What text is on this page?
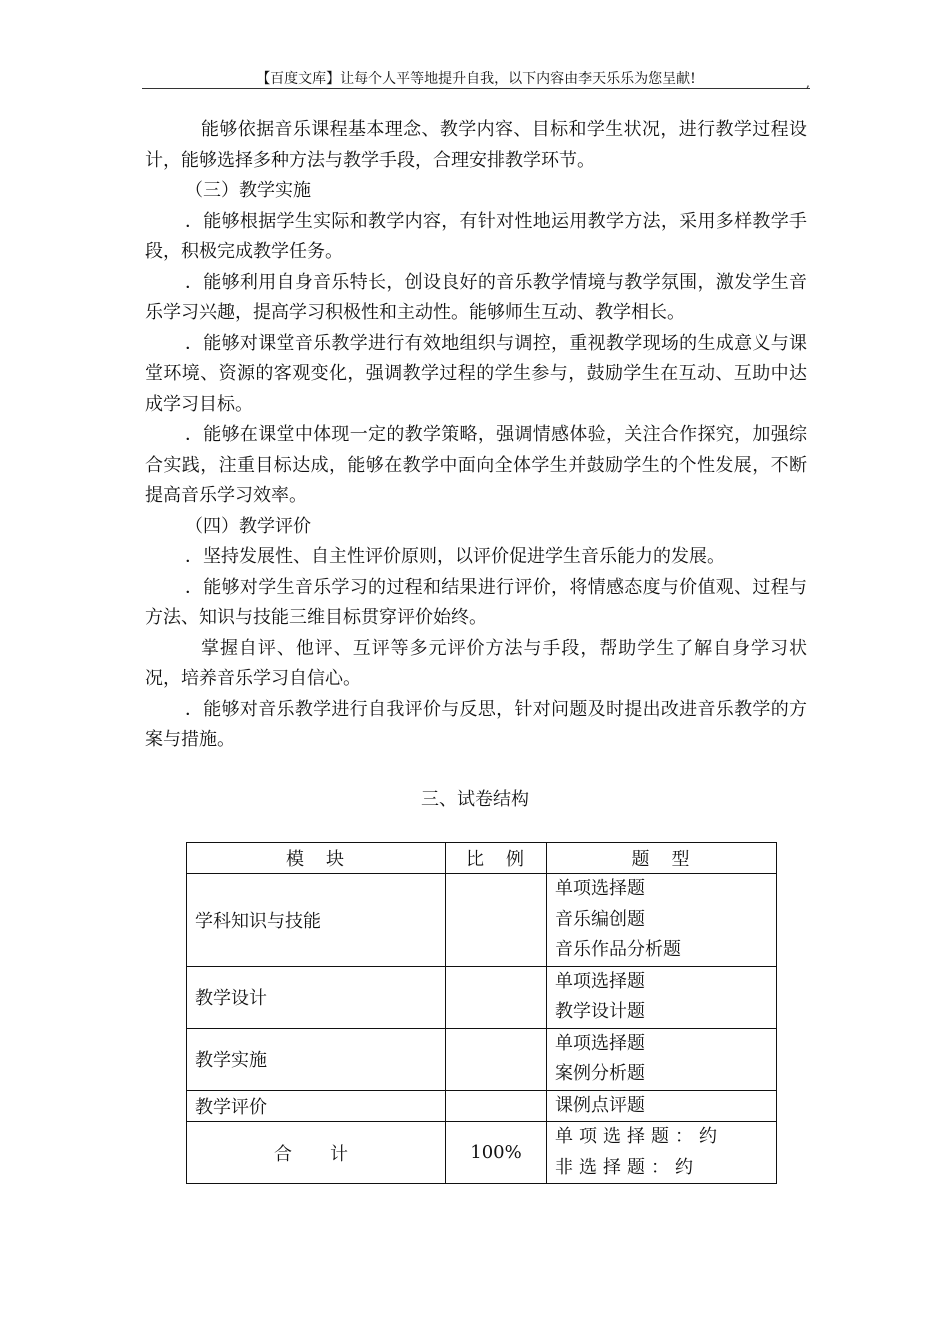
【百度文库】让每个人平等地提升自我，以下内容由李天乐乐为您呈献!	,

能够依据音乐课程基本理念、教学内容、目标和学生状况，进行教学过程设计，能够选择多种方法与教学手段，合理安排教学环节。

（三）教学实施

．能够根据学生实际和教学内容，有针对性地运用教学方法，采用多样教学手段，积极完成教学任务。

．能够利用自身音乐特长，创设良好的音乐教学情境与教学氛围，激发学生音乐学习兴趣，提高学习积极性和主动性。能够师生互动、教学相长。

．能够对课堂音乐教学进行有效地组织与调控，重视教学现场的生成意义与课堂环境、资源的客观变化，强调教学过程的学生参与，鼓励学生在互动、互助中达成学习目标。

．能够在课堂中体现一定的教学策略，强调情感体验，关注合作探究，加强综合实践，注重目标达成，能够在教学中面向全体学生并鼓励学生的个性发展，不断提高音乐学习效率。

（四）教学评价

．坚持发展性、自主性评价原则，以评价促进学生音乐能力的发展。

．能够对学生音乐学习的过程和结果进行评价，将情感态度与价值观、过程与方法、知识与技能三维目标贯穿评价始终。

掌握自评、他评、互评等多元评价方法与手段，帮助学生了解自身学习状况，培养音乐学习自信心。

．能够对音乐教学进行自我评价与反思，针对问题及时提出改进音乐教学的方案与措施。

三、试卷结构
模　块	比　例	题　型
学科知识与技能		单项选择题
音乐编创题
音乐作品分析题

教学设计		单项选择题
教学设计题

教学实施		单项选择题
案例分析题

教学评价		课例点评题

合　计	100%	单项选择题：约
非选择题：约
